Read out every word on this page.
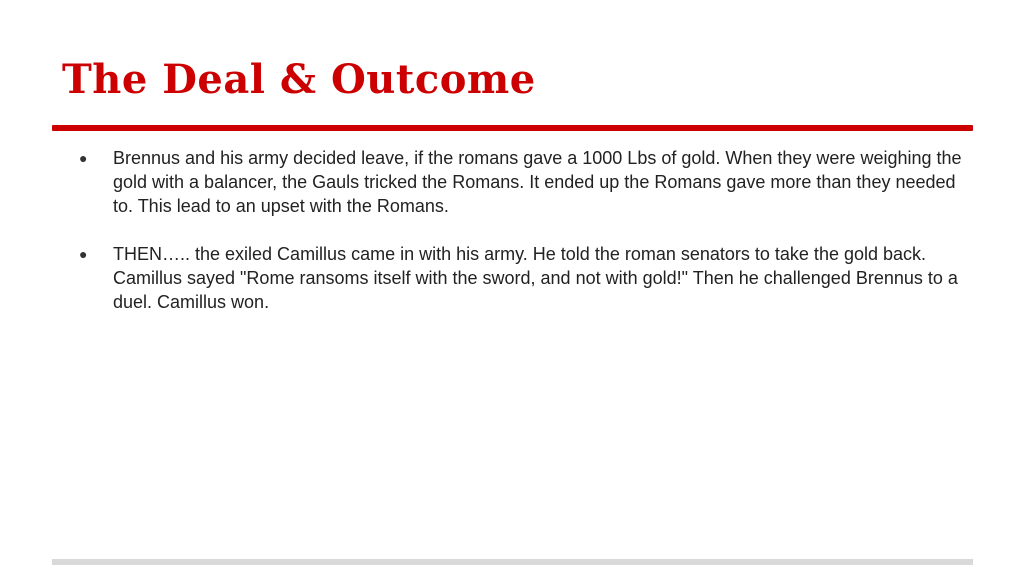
The Deal & Outcome
● Brennus and his army decided leave, if the romans gave a 1000 Lbs of gold. When they were weighing the gold with a balancer, the Gauls tricked the Romans. It ended up the Romans gave more than they needed to. This lead to an upset with the Romans.
● THEN….. the exiled Camillus came in with his army. He told the roman senators to take the gold back. Camillus sayed "Rome ransoms itself with the sword, and not with gold!" Then he challenged Brennus to a duel. Camillus won.
